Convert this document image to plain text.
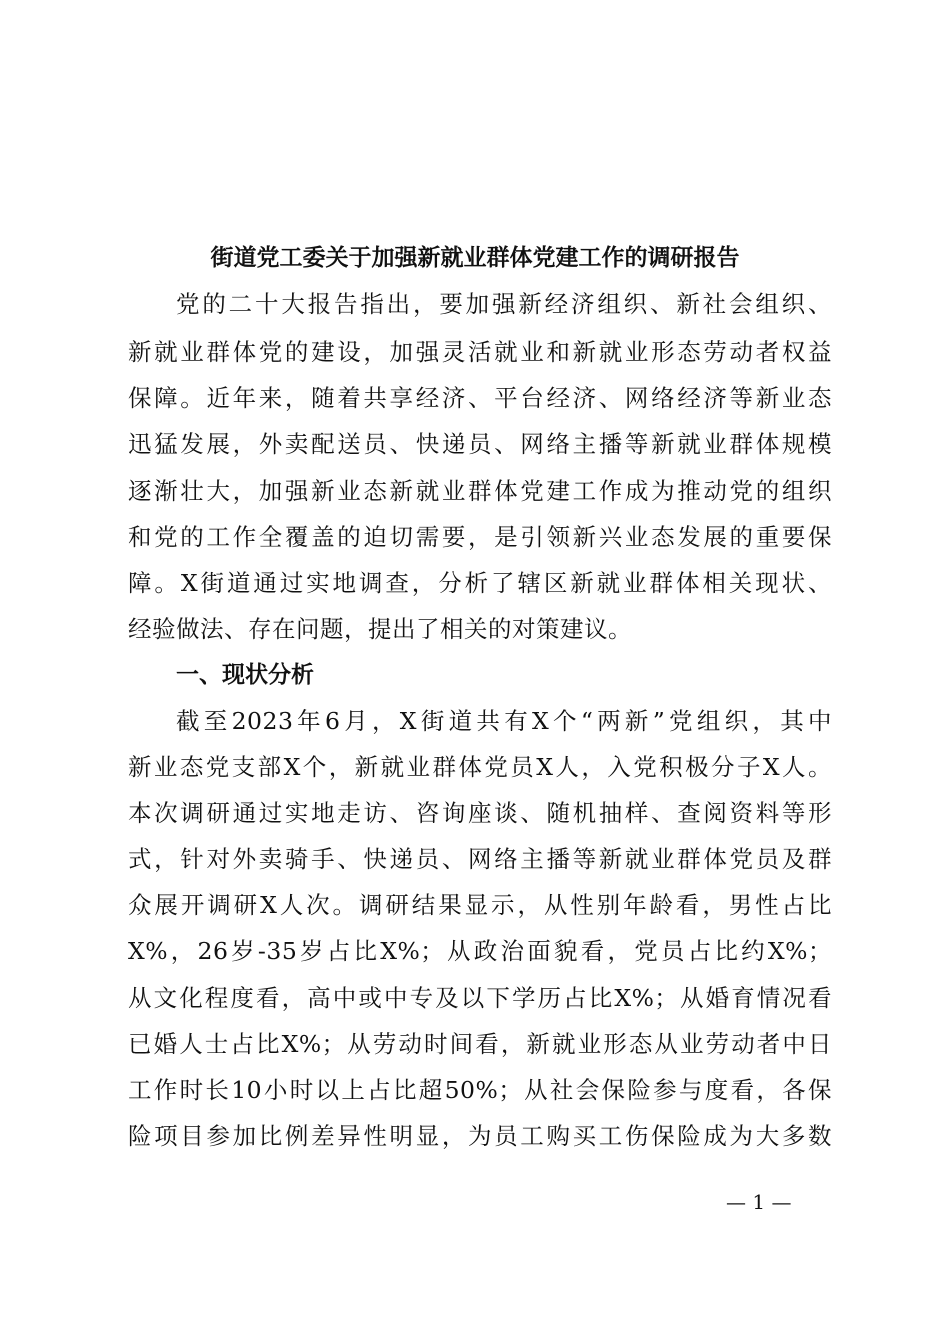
街道党工委关于加强新就业群体党建工作的调研报告
党的二十大报告指出，要加强新经济组织、新社会组织、
新就业群体党的建设，加强灵活就业和新就业形态劳动者权益
保障。近年来，随着共享经济、平台经济、网络经济等新业态
迅猛发展，外卖配送员、快递员、网络主播等新就业群体规模
逐渐壮大，加强新业态新就业群体党建工作成为推动党的组织
和党的工作全覆盖的迫切需要，是引领新兴业态发展的重要保
障。X街道通过实地调查，分析了辖区新就业群体相关现状、
经验做法、存在问题，提出了相关的对策建议。
一、现状分析
截至2023年6月，X街道共有X个“两新”党组织，其中
新业态党支部X个，新就业群体党员X人，入党积极分子X人。
本次调研通过实地走访、咨询座谈、随机抽样、查阅资料等形
式，针对外卖骑手、快递员、网络主播等新就业群体党员及群
众展开调研X人次。调研结果显示，从性别年龄看，男性占比
X%，26岁-35岁占比X%；从政治面貌看，党员占比约X%；
从文化程度看，高中或中专及以下学历占比X%；从婚育情况看
已婚人士占比X%；从劳动时间看，新就业形态从业劳动者中日
工作时长10小时以上占比超50%；从社会保险参与度看，各保
险项目参加比例差异性明显，为员工购买工伤保险成为大多数
— 1 —
